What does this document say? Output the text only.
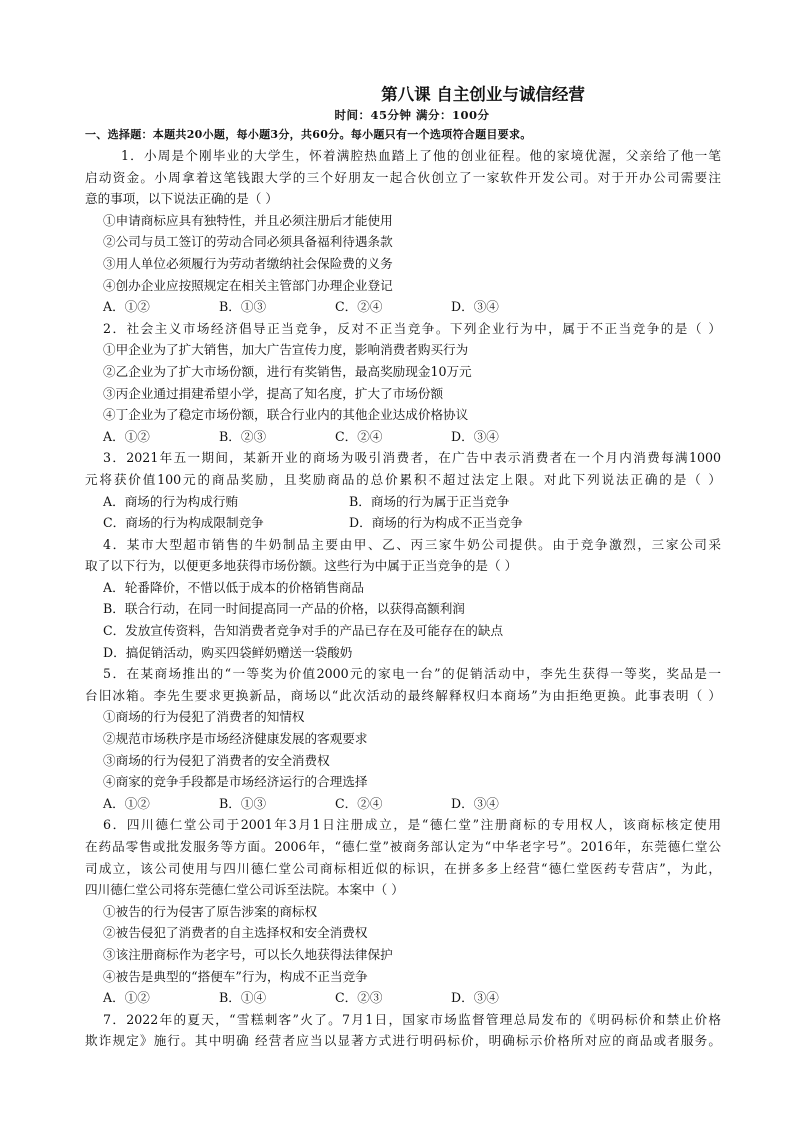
第八课 自主创业与诚信经营
时间：45分钟 满分：100分
一、选择题：本题共20小题，每小题3分，共60分。每小题只有一个选项符合题目要求。
1．小周是个刚毕业的大学生，怀着满腔热血踏上了他的创业征程。他的家境优渥，父亲给了他一笔
启动资金。小周拿着这笔钱跟大学的三个好朋友一起合伙创立了一家软件开发公司。对于开办公司需要注
意的事项，以下说法正确的是（ ）
①申请商标应具有独特性，并且必须注册后才能使用
②公司与员工签订的劳动合同必须具备福利待遇条款
③用人单位必须履行为劳动者缴纳社会保险费的义务
④创办企业应按照规定在相关主管部门办理企业登记
A．①②	B．①③	C．②④	D．③④
2．社会主义市场经济倡导正当竞争，反对不正当竞争。下列企业行为中，属于不正当竞争的是（ ）
①甲企业为了扩大销售，加大广告宣传力度，影响消费者购买行为
②乙企业为了扩大市场份额，进行有奖销售，最高奖励现金10万元
③丙企业通过捐建希望小学，提高了知名度，扩大了市场份额
④丁企业为了稳定市场份额，联合行业内的其他企业达成价格协议
A．①②	B．②③	C．②④	D．③④
3．2021年五一期间，某新开业的商场为吸引消费者，在广告中表示消费者在一个月内消费每满1000
元将获价值100元的商品奖励，且奖励商品的总价累积不超过法定上限。对此下列说法正确的是（ ）
A．商场的行为构成行贿	B．商场的行为属于正当竞争
C．商场的行为构成限制竞争	D．商场的行为构成不正当竞争
4．某市大型超市销售的牛奶制品主要由甲、乙、丙三家牛奶公司提供。由于竞争激烈，三家公司采
取了以下行为，以便更多地获得市场份额。这些行为中属于正当竞争的是（ ）
A．轮番降价，不惜以低于成本的价格销售商品
B．联合行动，在同一时间提高同一产品的价格，以获得高额利润
C．发放宣传资料，告知消费者竞争对手的产品已存在及可能存在的缺点
D．搞促销活动，购买四袋鲜奶赠送一袋酸奶
5．在某商场推出的“一等奖为价值2000元的家电一台”的促销活动中，李先生获得一等奖，奖品是一
台旧冰箱。李先生要求更换新品，商场以“此次活动的最终解释权归本商场”为由拒绝更换。此事表明（ ）
①商场的行为侵犯了消费者的知情权
②规范市场秩序是市场经济健康发展的客观要求
③商场的行为侵犯了消费者的安全消费权
④商家的竞争手段都是市场经济运行的合理选择
A．①②	B．①③	C．②④	D．③④
6．四川德仁堂公司于2001年3月1日注册成立，是“德仁堂”注册商标的专用权人，该商标核定使用
在药品零售或批发服务等方面。2006年，“德仁堂”被商务部认定为“中华老字号”。2016年，东莞德仁堂公
司成立，该公司使用与四川德仁堂公司商标相近似的标识，在拼多多上经营“德仁堂医药专营店”，为此，
四川德仁堂公司将东莞德仁堂公司诉至法院。本案中（ ）
①被告的行为侵害了原告涉案的商标权
②被告侵犯了消费者的自主选择权和安全消费权
③该注册商标作为老字号，可以长久地获得法律保护
④被告是典型的“搭便车”行为，构成不正当竞争
A．①②	B．①④	C．②③	D．③④
7．2022年的夏天，“雪糕刺客”火了。7月1日，国家市场监督管理总局发布的《明码标价和禁止价格
欺诈规定》施行。其中明确 经营者应当以显著方式进行明码标价，明确标示价格所对应的商品或者服务。
